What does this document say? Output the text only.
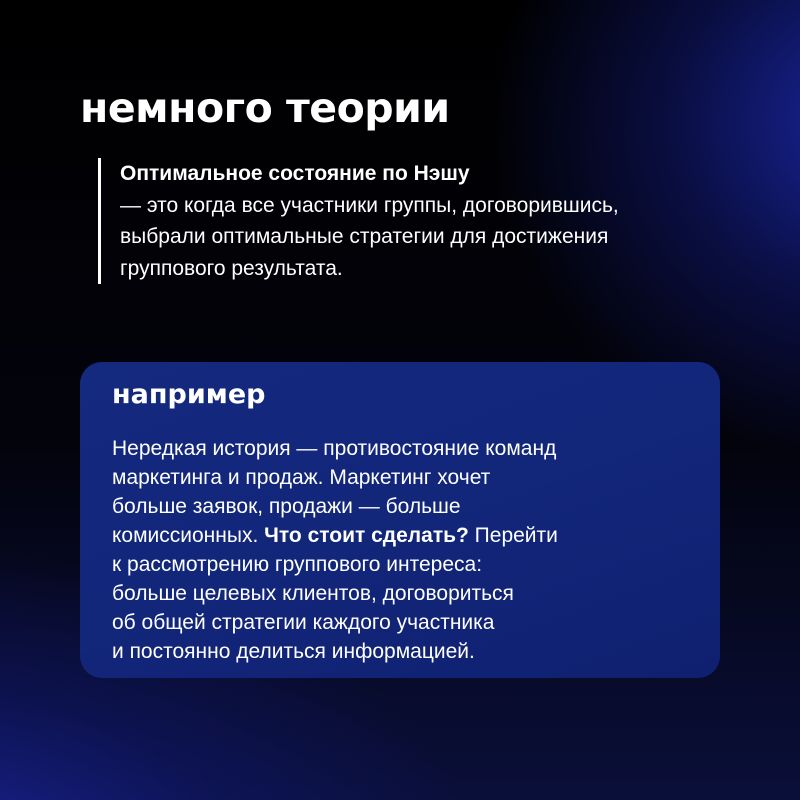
немного теории
Оптимальное состояние по Нэшу
— это когда все участники группы, договорившись, выбрали оптимальные стратегии для достижения группового результата.
например
Нередкая история — противостояние команд
маркетинга и продаж. Маркетинг хочет
больше заявок, продажи — больше
комиссионных. Что стоит сделать? Перейти
к рассмотрению группового интереса:
больше целевых клиентов, договориться
об общей стратегии каждого участника
и постоянно делиться информацией.
